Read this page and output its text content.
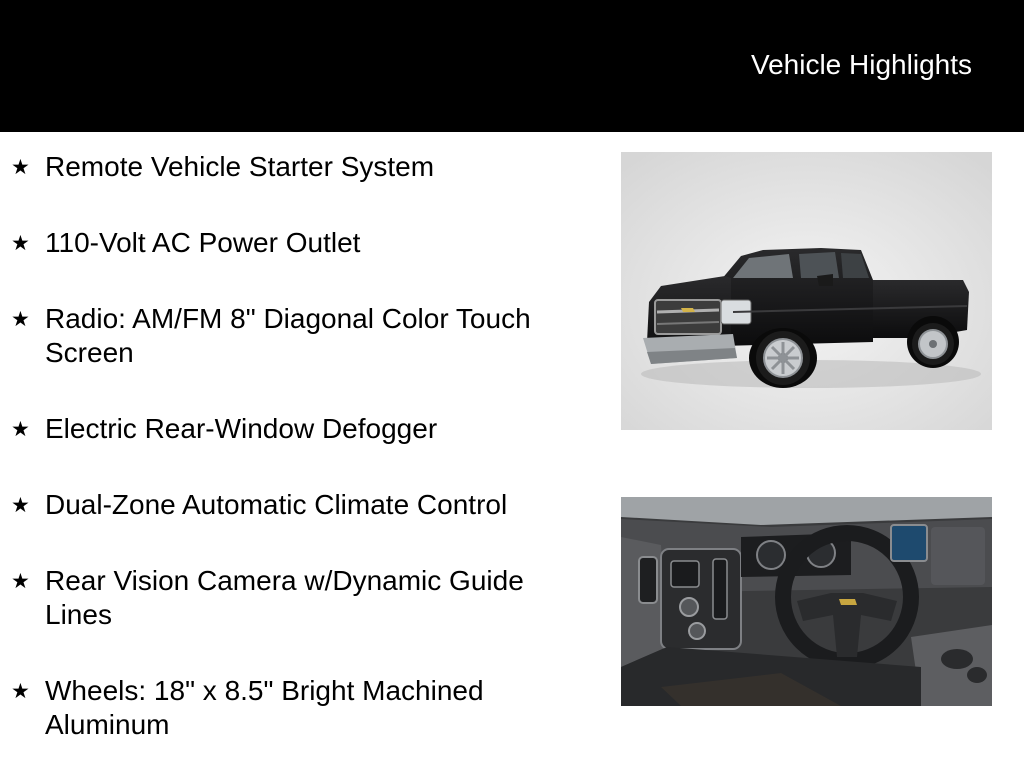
Vehicle Highlights
★ Remote Vehicle Starter System
★ 110-Volt AC Power Outlet
★ Radio: AM/FM 8" Diagonal Color Touch Screen
★ Electric Rear-Window Defogger
★ Dual-Zone Automatic Climate Control
★ Rear Vision Camera w/Dynamic Guide Lines
★ Wheels: 18" x 8.5" Bright Machined Aluminum
